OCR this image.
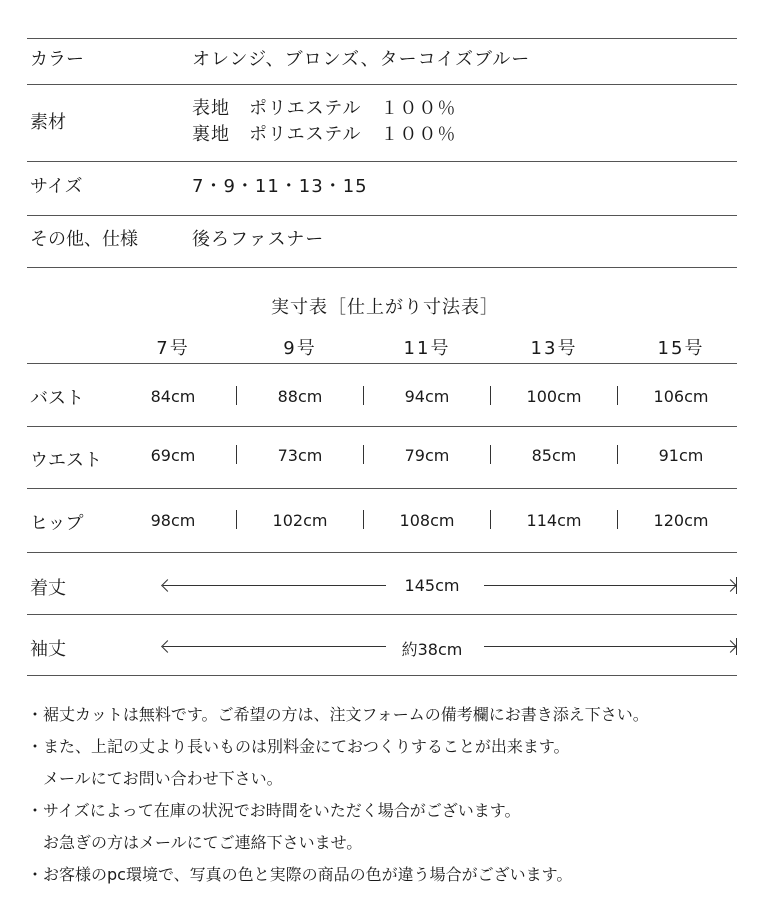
カラー	オレンジ、ブロンズ、ターコイズブルー
素材
表地　ポリエステル　１００％
裏地　ポリエステル　１００％
サイズ	7・9・11・13・15
その他、仕様	後ろファスナー
実寸表［仕上がり寸法表］
7号	9号	11号	13号	15号
バスト	84cm	88cm	94cm	100cm	106cm
ウエスト	69cm	73cm	79cm	85cm	91cm
ヒップ	98cm	102cm	108cm	114cm	120cm
着丈	145cm
袖丈	約38cm
・裾丈カットは無料です。ご希望の方は、注文フォームの備考欄にお書き添え下さい。
・また、上記の丈より長いものは別料金にておつくりすることが出来ます。
　メールにてお問い合わせ下さい。
・サイズによって在庫の状況でお時間をいただく場合がございます。
　お急ぎの方はメールにてご連絡下さいませ。
・お客様のpc環境で、写真の色と実際の商品の色が違う場合がございます。
